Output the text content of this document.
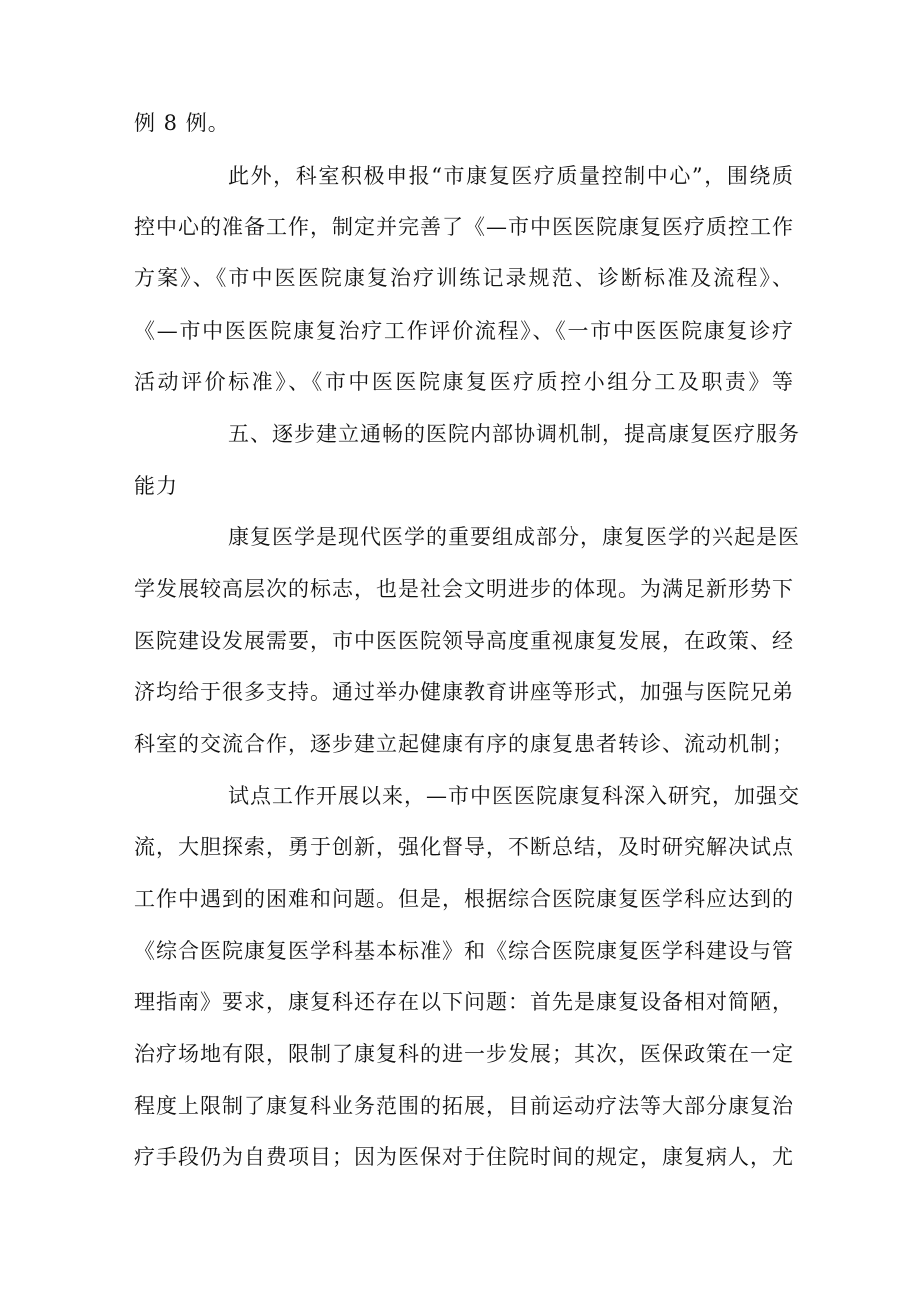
例 8 例。
此外，科室积极申报“市康复医疗质量控制中心”，围绕质
控中心的准备工作，制定并完善了《—市中医医院康复医疗质控工作
方案》、《市中医医院康复治疗训练记录规范、诊断标准及流程》、
《—市中医医院康复治疗工作评价流程》、《一市中医医院康复诊疗
活动评价标准》、《市中医医院康复医疗质控小组分工及职责》等
五、逐步建立通畅的医院内部协调机制，提高康复医疗服务
能力
康复医学是现代医学的重要组成部分，康复医学的兴起是医
学发展较高层次的标志，也是社会文明进步的体现。为满足新形势下
医院建设发展需要，市中医医院领导高度重视康复发展，在政策、经
济均给于很多支持。通过举办健康教育讲座等形式，加强与医院兄弟
科室的交流合作，逐步建立起健康有序的康复患者转诊、流动机制；
试点工作开展以来，—市中医医院康复科深入研究，加强交
流，大胆探索，勇于创新，强化督导，不断总结，及时研究解决试点
工作中遇到的困难和问题。但是，根据综合医院康复医学科应达到的
《综合医院康复医学科基本标准》和《综合医院康复医学科建设与管
理指南》要求，康复科还存在以下问题：首先是康复设备相对简陋，
治疗场地有限，限制了康复科的进一步发展；其次，医保政策在一定
程度上限制了康复科业务范围的拓展，目前运动疗法等大部分康复治
疗手段仍为自费项目；因为医保对于住院时间的规定，康复病人，尤
